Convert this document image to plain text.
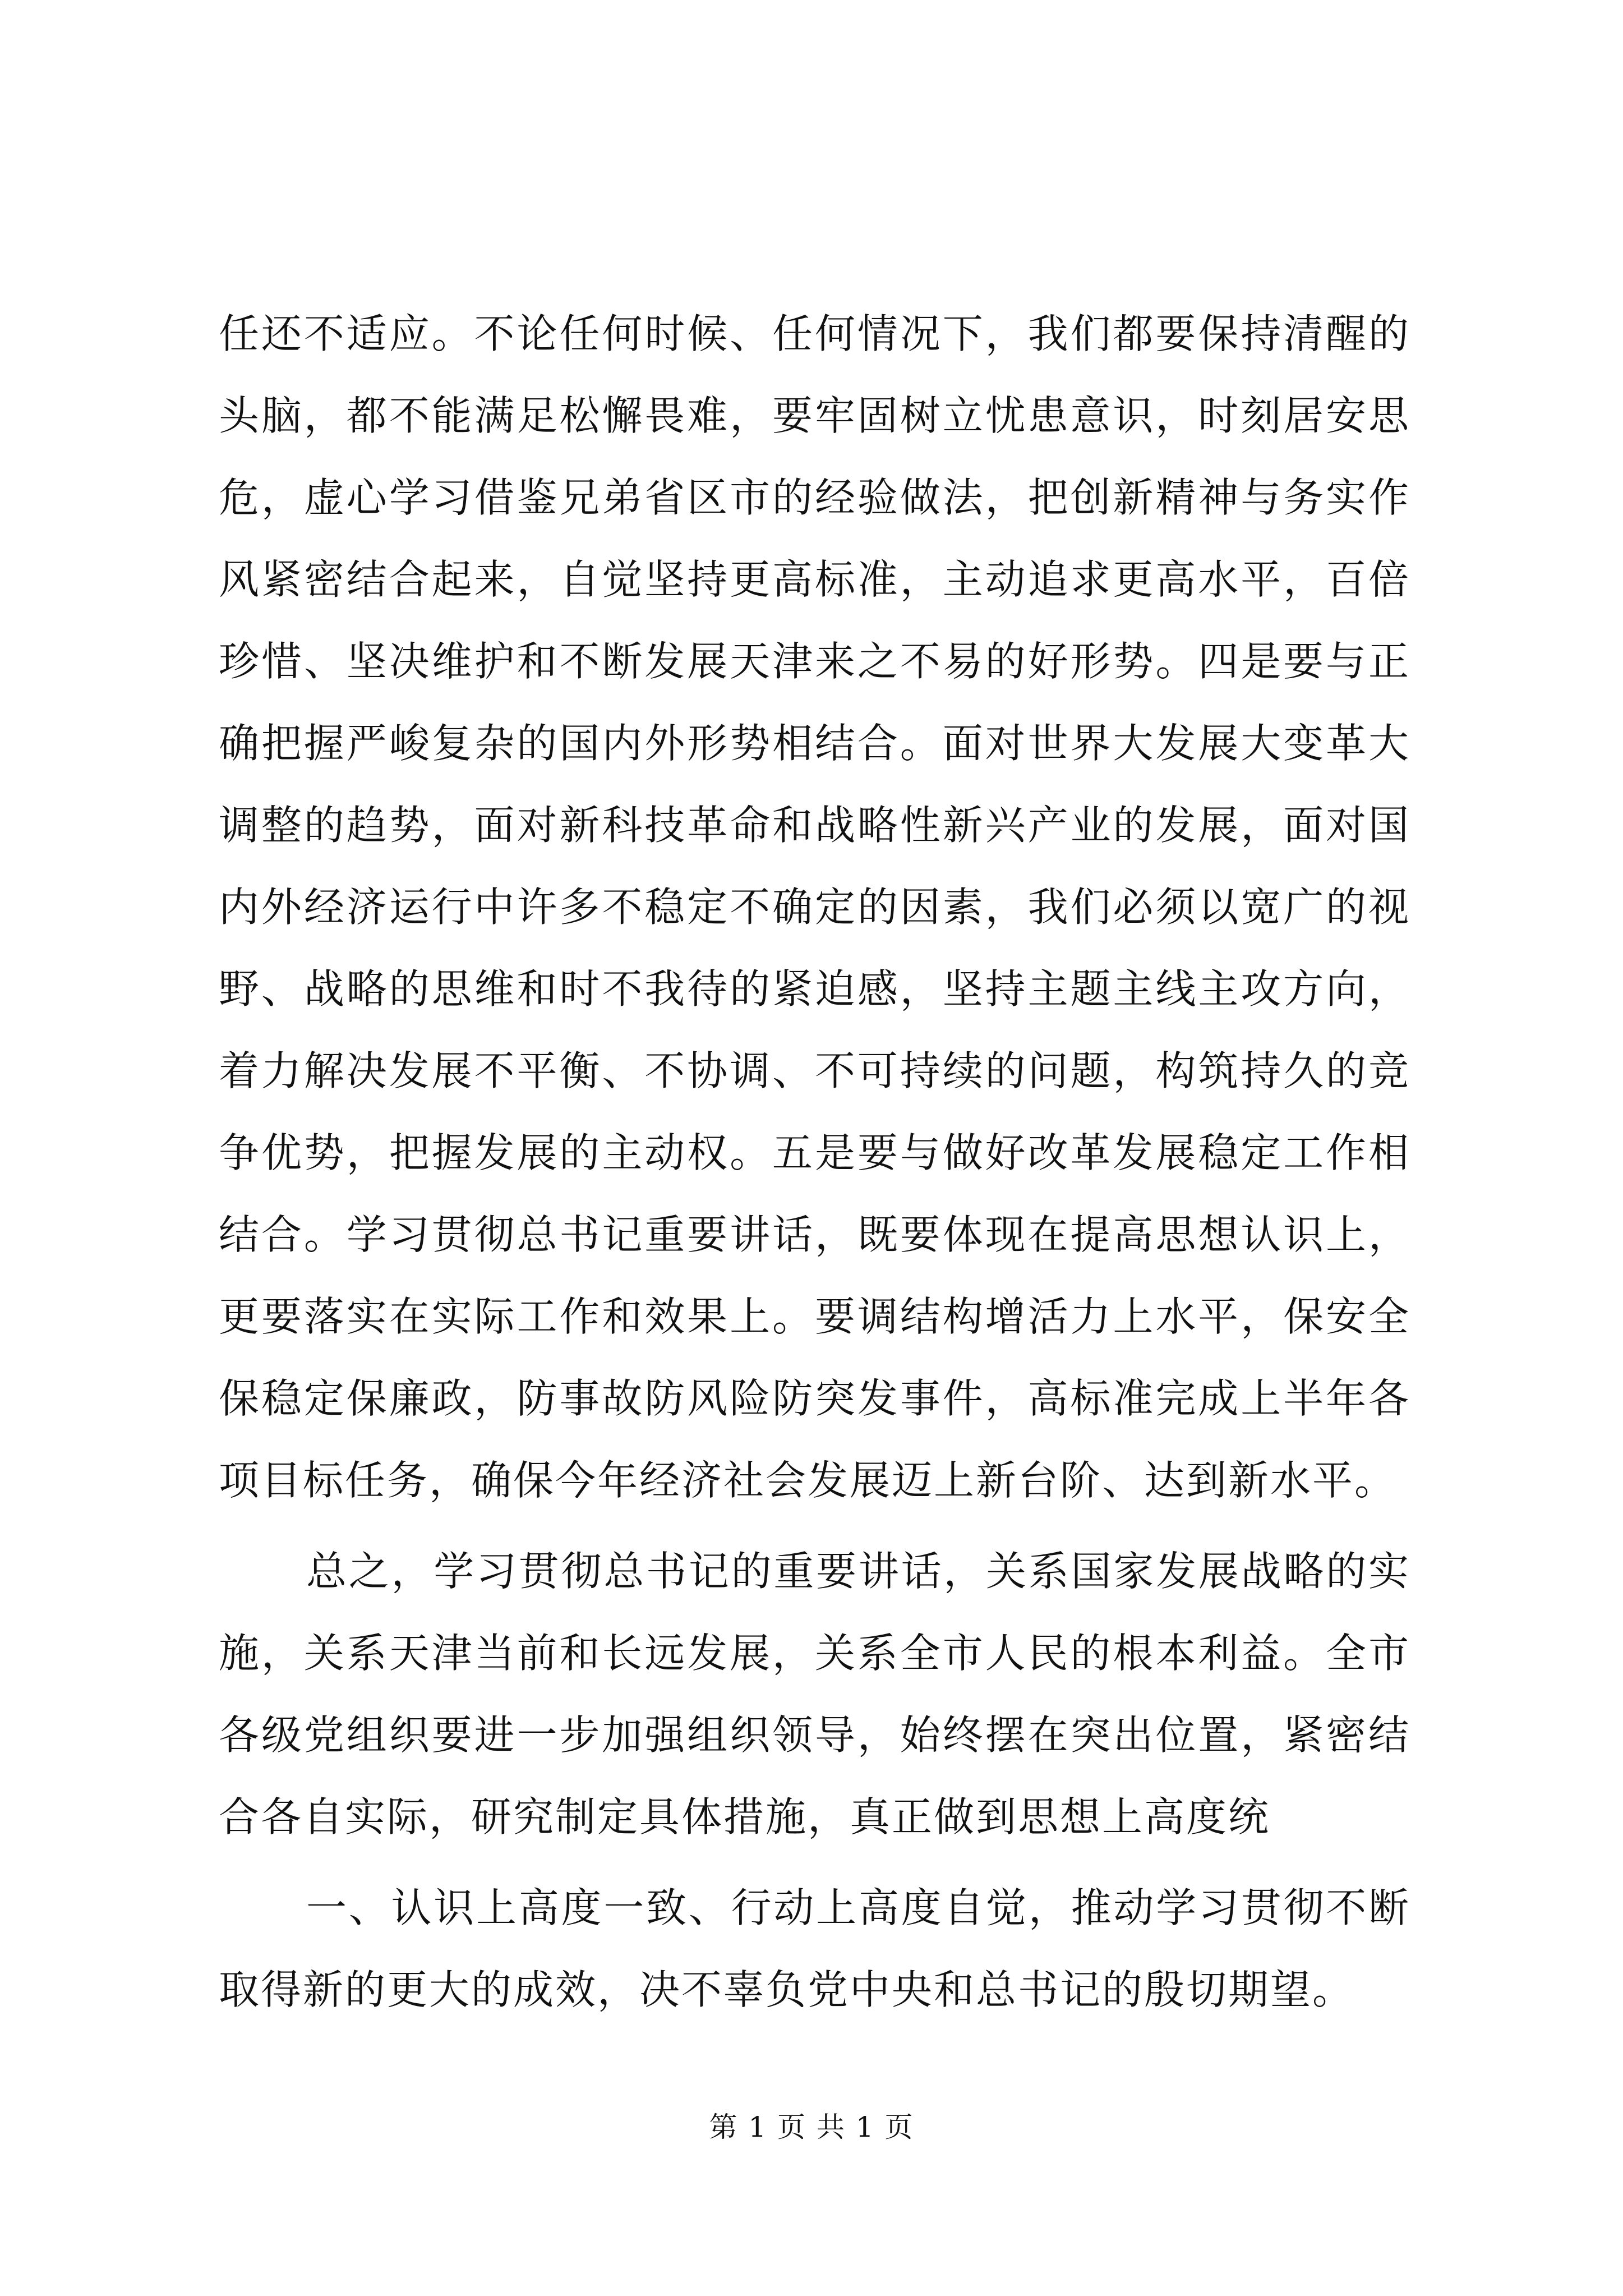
任还不适应。不论任何时候、任何情况下，我们都要保持清醒的
头脑，都不能满足松懈畏难，要牢固树立忧患意识，时刻居安思
危，虚心学习借鉴兄弟省区市的经验做法，把创新精神与务实作
风紧密结合起来，自觉坚持更高标准，主动追求更高水平，百倍
珍惜、坚决维护和不断发展天津来之不易的好形势。四是要与正
确把握严峻复杂的国内外形势相结合。面对世界大发展大变革大
调整的趋势，面对新科技革命和战略性新兴产业的发展，面对国
内外经济运行中许多不稳定不确定的因素，我们必须以宽广的视
野、战略的思维和时不我待的紧迫感，坚持主题主线主攻方向，
着力解决发展不平衡、不协调、不可持续的问题，构筑持久的竞
争优势，把握发展的主动权。五是要与做好改革发展稳定工作相
结合。学习贯彻总书记重要讲话，既要体现在提高思想认识上，
更要落实在实际工作和效果上。要调结构增活力上水平，保安全
保稳定保廉政，防事故防风险防突发事件，高标准完成上半年各
项目标任务，确保今年经济社会发展迈上新台阶、达到新水平。
总之，学习贯彻总书记的重要讲话，关系国家发展战略的实
施，关系天津当前和长远发展，关系全市人民的根本利益。全市
各级党组织要进一步加强组织领导，始终摆在突出位置，紧密结
合各自实际，研究制定具体措施，真正做到思想上高度统
一、认识上高度一致、行动上高度自觉，推动学习贯彻不断
取得新的更大的成效，决不辜负党中央和总书记的殷切期望。
第 1 页 共 1 页
